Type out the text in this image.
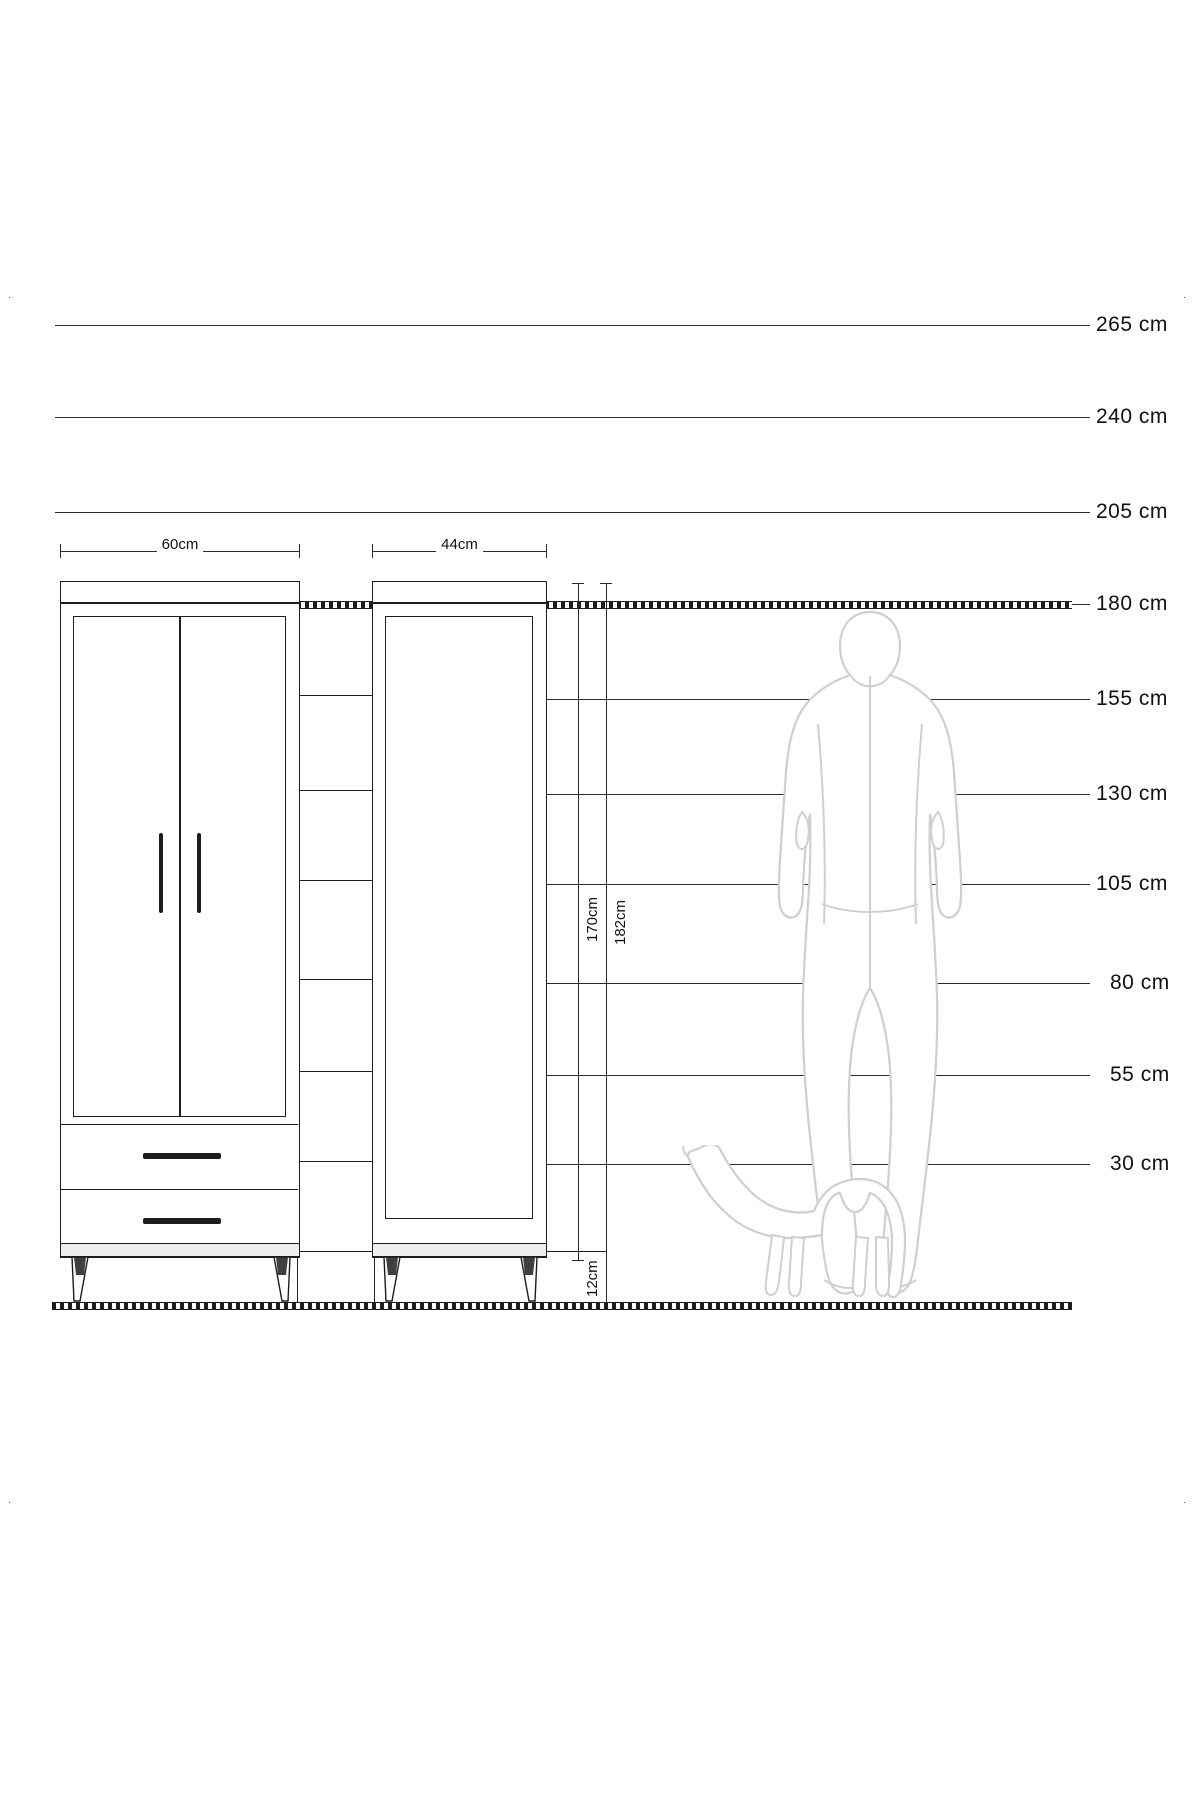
·	·
·	·
265 cm
240 cm
205 cm
180 cm
155 cm
130 cm
105 cm
80 cm
55 cm
30 cm
60cm	44cm
170cm 182cm
12cm
